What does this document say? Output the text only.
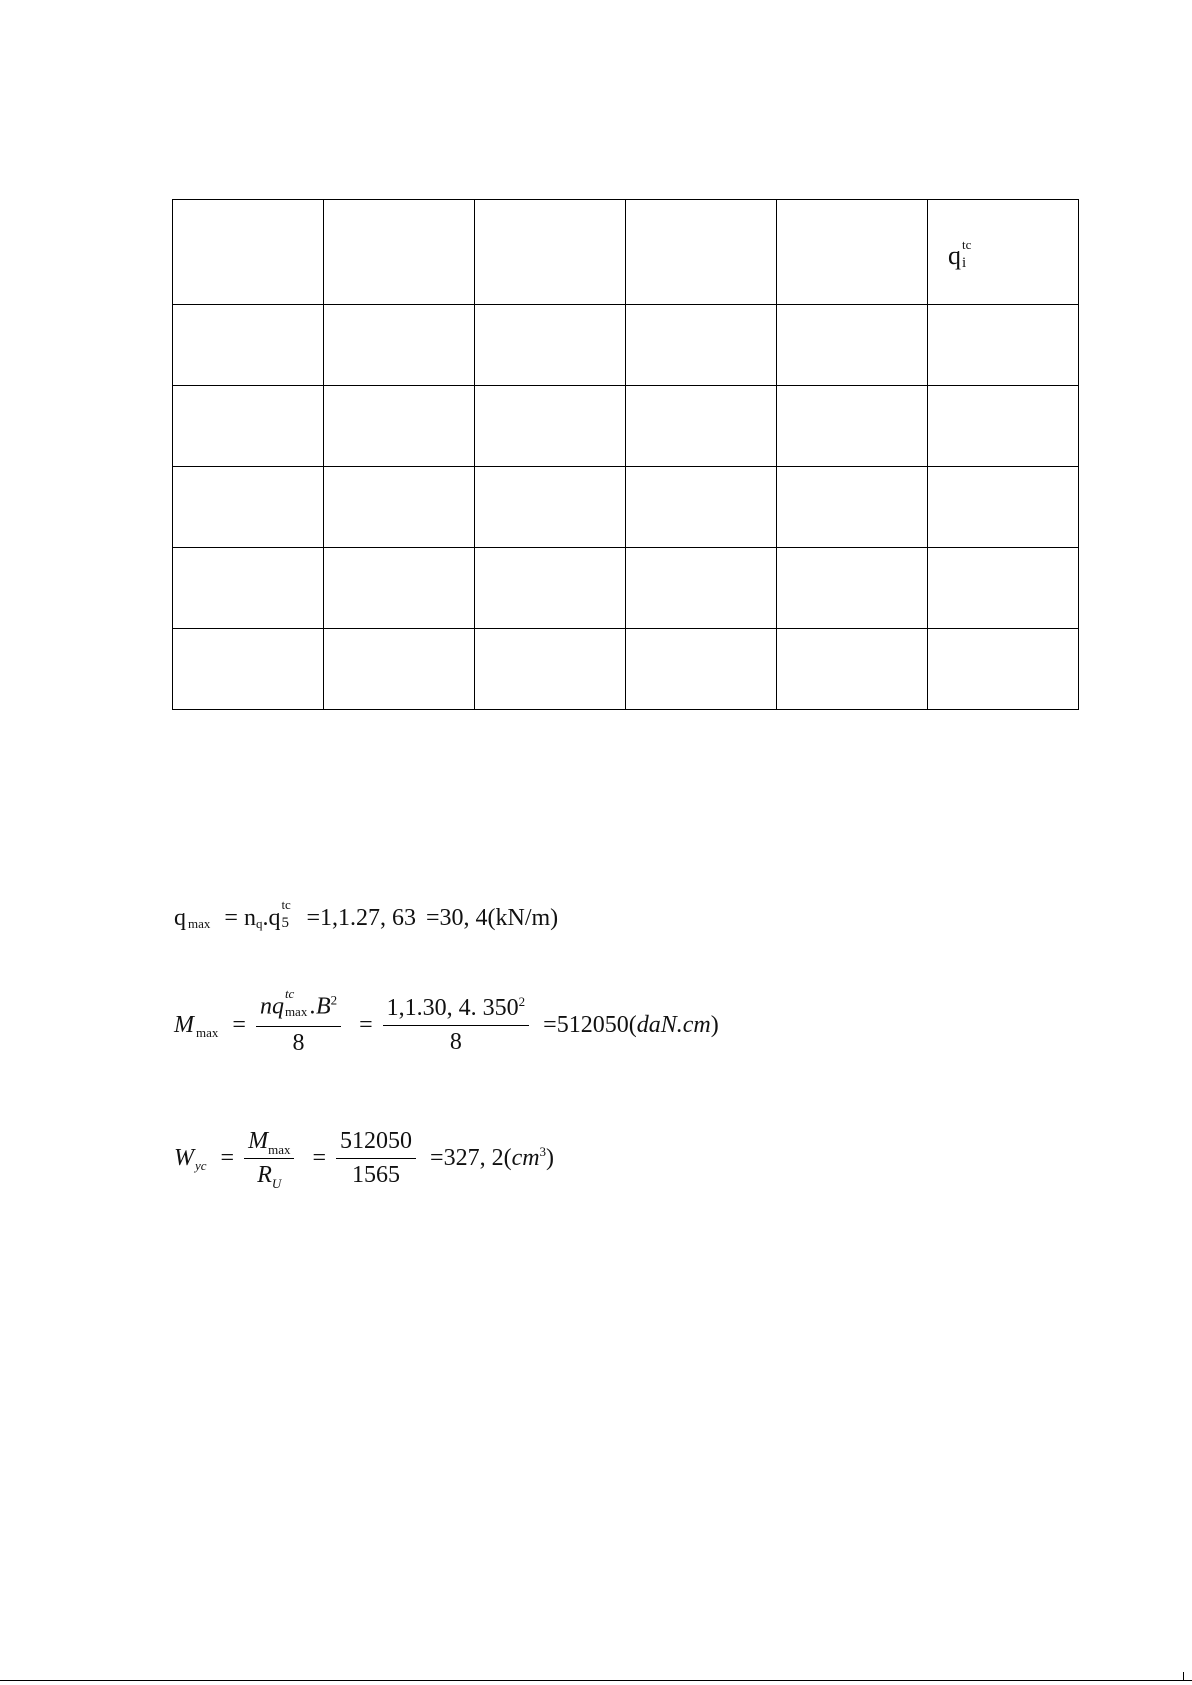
					q tc
i

q max = n q .q tc
5 =1,1.27, 63 =30, 4(kN/m)
M max = nq
tc
$\max .B^2$
$8 = \frac{1,1.30, 4. 350^2}{8} =512050(daN.cm)$
W yc = $\frac{M_{max}}{R_U} = \frac{512050}{1565} =327$, $2(cm^3)$
